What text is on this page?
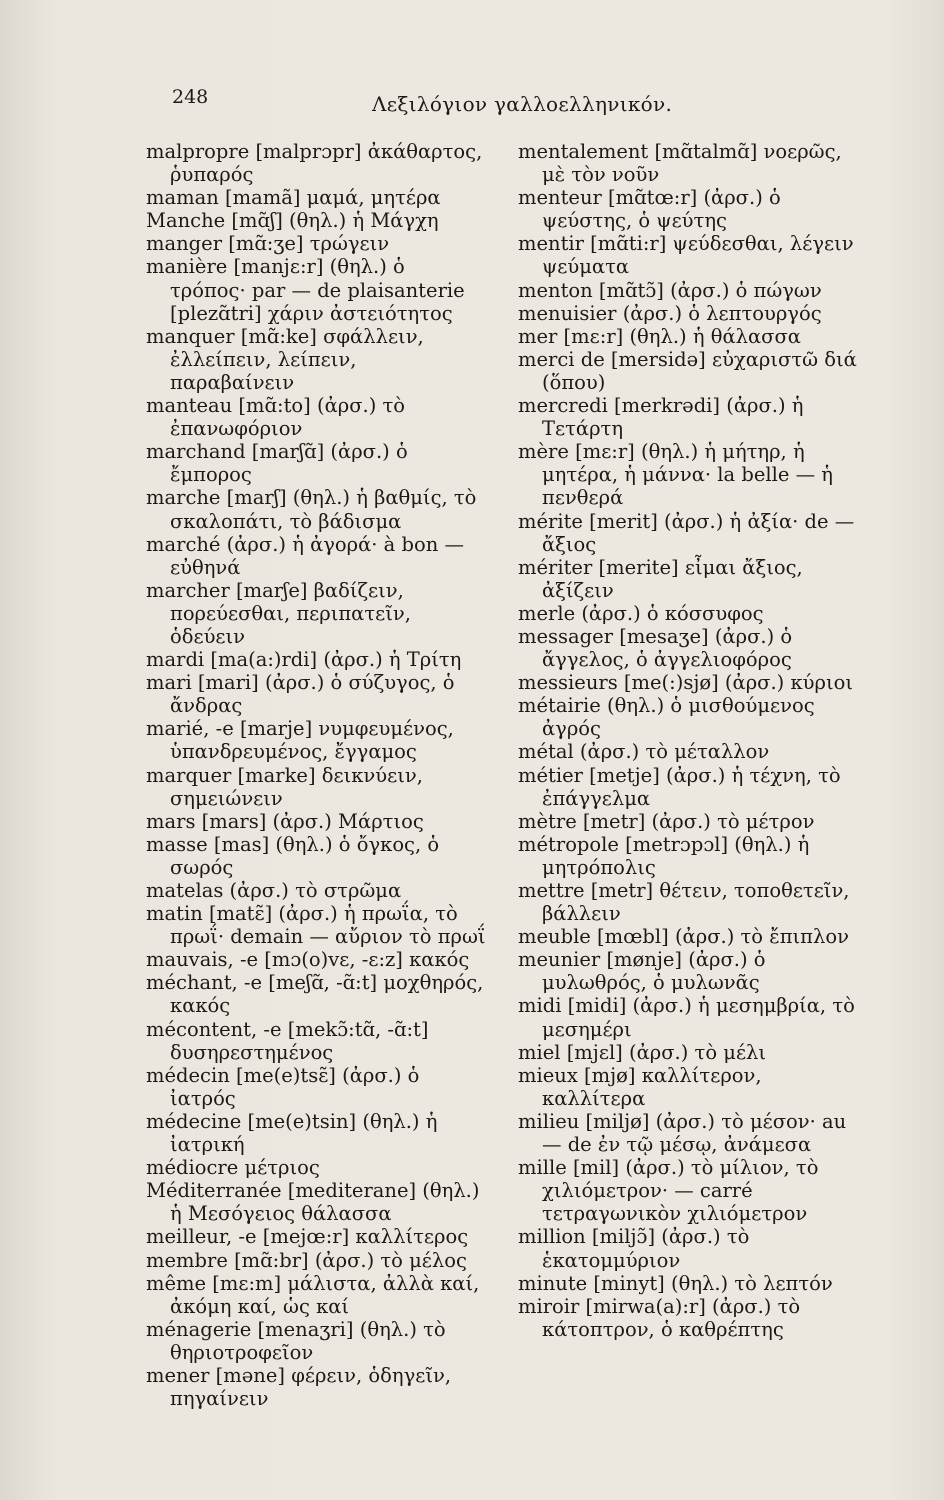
248	Λεξιλόγιον γαλλοελληνικόν.
malpropre [malprɔpr] ἀκάθαρτος, ῥυπαρός
maman [mamã] μαμά, μητέρα
Manche [mɑ̃ʃ] (θηλ.) ἡ Μάγχη
manger [mɑ̃:ʒe] τρώγειν
manière [manjɛ:r] (θηλ.) ὁ τρόπος· par — de plaisanterie [plezɑ̃tri] χάριν ἀστειότητος
manquer [mɑ̃:ke] σφάλλειν, ἐλλείπειν, λείπειν, παραβαίνειν
manteau [mɑ̃:to] (ἀρσ.) τὸ ἐπανωφόριον
marchand [marʃɑ̃] (ἀρσ.) ὁ ἔμπορος
marche [marʃ] (θηλ.) ἡ βαθμίς, τὸ σκαλοπάτι, τὸ βάδισμα
marché (ἀρσ.) ἡ ἀγορά· à bon — εὐθηνά
marcher [marʃe] βαδίζειν, πορεύεσθαι, περιπατεῖν, ὁδεύειν
mardi [ma(a:)rdi] (ἀρσ.) ἡ Τρίτη
mari [mari] (ἀρσ.) ὁ σύζυγος, ὁ ἄνδρας
marié, -e [marje] νυμφευμένος, ὑπανδρευμένος, ἔγγαμος
marquer [marke] δεικνύειν, σημειώνειν
mars [mars] (ἀρσ.) Μάρτιος
masse [mas] (θηλ.) ὁ ὄγκος, ὁ σωρός
matelas (ἀρσ.) τὸ στρῶμα
matin [matɛ̃] (ἀρσ.) ἡ πρωΐα, τὸ πρωΐ· demain — αὔριον τὸ πρωΐ
mauvais, -e [mɔ(o)vɛ, -ɛ:z] κακός
méchant, -e [meʃɑ̃, -ɑ̃:t] μοχθηρός, κακός
mécontent, -e [mekɔ̃:tɑ̃, -ɑ̃:t] δυσηρεστημένος
médecin [me(e)tsɛ̃] (ἀρσ.) ὁ ἰατρός
médecine [me(e)tsin] (θηλ.) ἡ ἰατρική
médiocre μέτριος
Méditerranée [mediterane] (θηλ.) ἡ Μεσόγειος θάλασσα
meilleur, -e [mejœ:r] καλλίτερος
membre [mɑ̃:br] (ἀρσ.) τὸ μέλος
même [mɛ:m] μάλιστα, ἀλλὰ καί, ἀκόμη καί, ὡς καί
ménagerie [menaʒri] (θηλ.) τὸ θηριοτροφεῖον
mener [məne] φέρειν, ὁδηγεῖν, πηγαίνειν
mentalement [mɑ̃talmɑ̃] νοερῶς, μὲ τὸν νοῦν
menteur [mɑ̃tœ:r] (ἀρσ.) ὁ ψεύστης, ὁ ψεύτης
mentir [mɑ̃ti:r] ψεύδεσθαι, λέγειν ψεύματα
menton [mɑ̃tɔ̃] (ἀρσ.) ὁ πώγων
menuisier (ἀρσ.) ὁ λεπτουργός
mer [mɛ:r] (θηλ.) ἡ θάλασσα
merci de [mersidə] εὐχαριστῶ διά (ὅπου)
mercredi [merkrədi] (ἀρσ.) ἡ Τετάρτη
mère [mɛ:r] (θηλ.) ἡ μήτηρ, ἡ μητέρα, ἡ μάννα· la belle — ἡ πενθερά
mérite [merit] (ἀρσ.) ἡ ἀξία· de — ἄξιος
mériter [merite] εἶμαι ἄξιος, ἀξίζειν
merle (ἀρσ.) ὁ κόσσυφος
messager [mesaʒe] (ἀρσ.) ὁ ἄγγελος, ὁ ἀγγελιοφόρος
messieurs [me(:)sjø] (ἀρσ.) κύριοι
métairie (θηλ.) ὁ μισθούμενος ἀγρός
métal (ἀρσ.) τὸ μέταλλον
métier [metje] (ἀρσ.) ἡ τέχνη, τὸ ἐπάγγελμα
mètre [metr] (ἀρσ.) τὸ μέτρον
métropole [metrɔpɔl] (θηλ.) ἡ μητρόπολις
mettre [metr] θέτειν, τοποθετεῖν, βάλλειν
meuble [mœbl] (ἀρσ.) τὸ ἔπιπλον
meunier [mønje] (ἀρσ.) ὁ μυλωθρός, ὁ μυλωνᾶς
midi [midi] (ἀρσ.) ἡ μεσημβρία, τὸ μεσημέρι
miel [mjɛl] (ἀρσ.) τὸ μέλι
mieux [mjø] καλλίτερον, καλλίτερα
milieu [miljø] (ἀρσ.) τὸ μέσον· au — de ἐν τῷ μέσῳ, ἀνάμεσα
mille [mil] (ἀρσ.) τὸ μίλιον, τὸ χιλιόμετρον· — carré τετραγωνικὸν χιλιόμετρον
million [miljɔ̃] (ἀρσ.) τὸ ἑκατομμύριον
minute [minyt] (θηλ.) τὸ λεπτόν
miroir [mirwa(a):r] (ἀρσ.) τὸ κάτοπτρον, ὁ καθρέπτης
